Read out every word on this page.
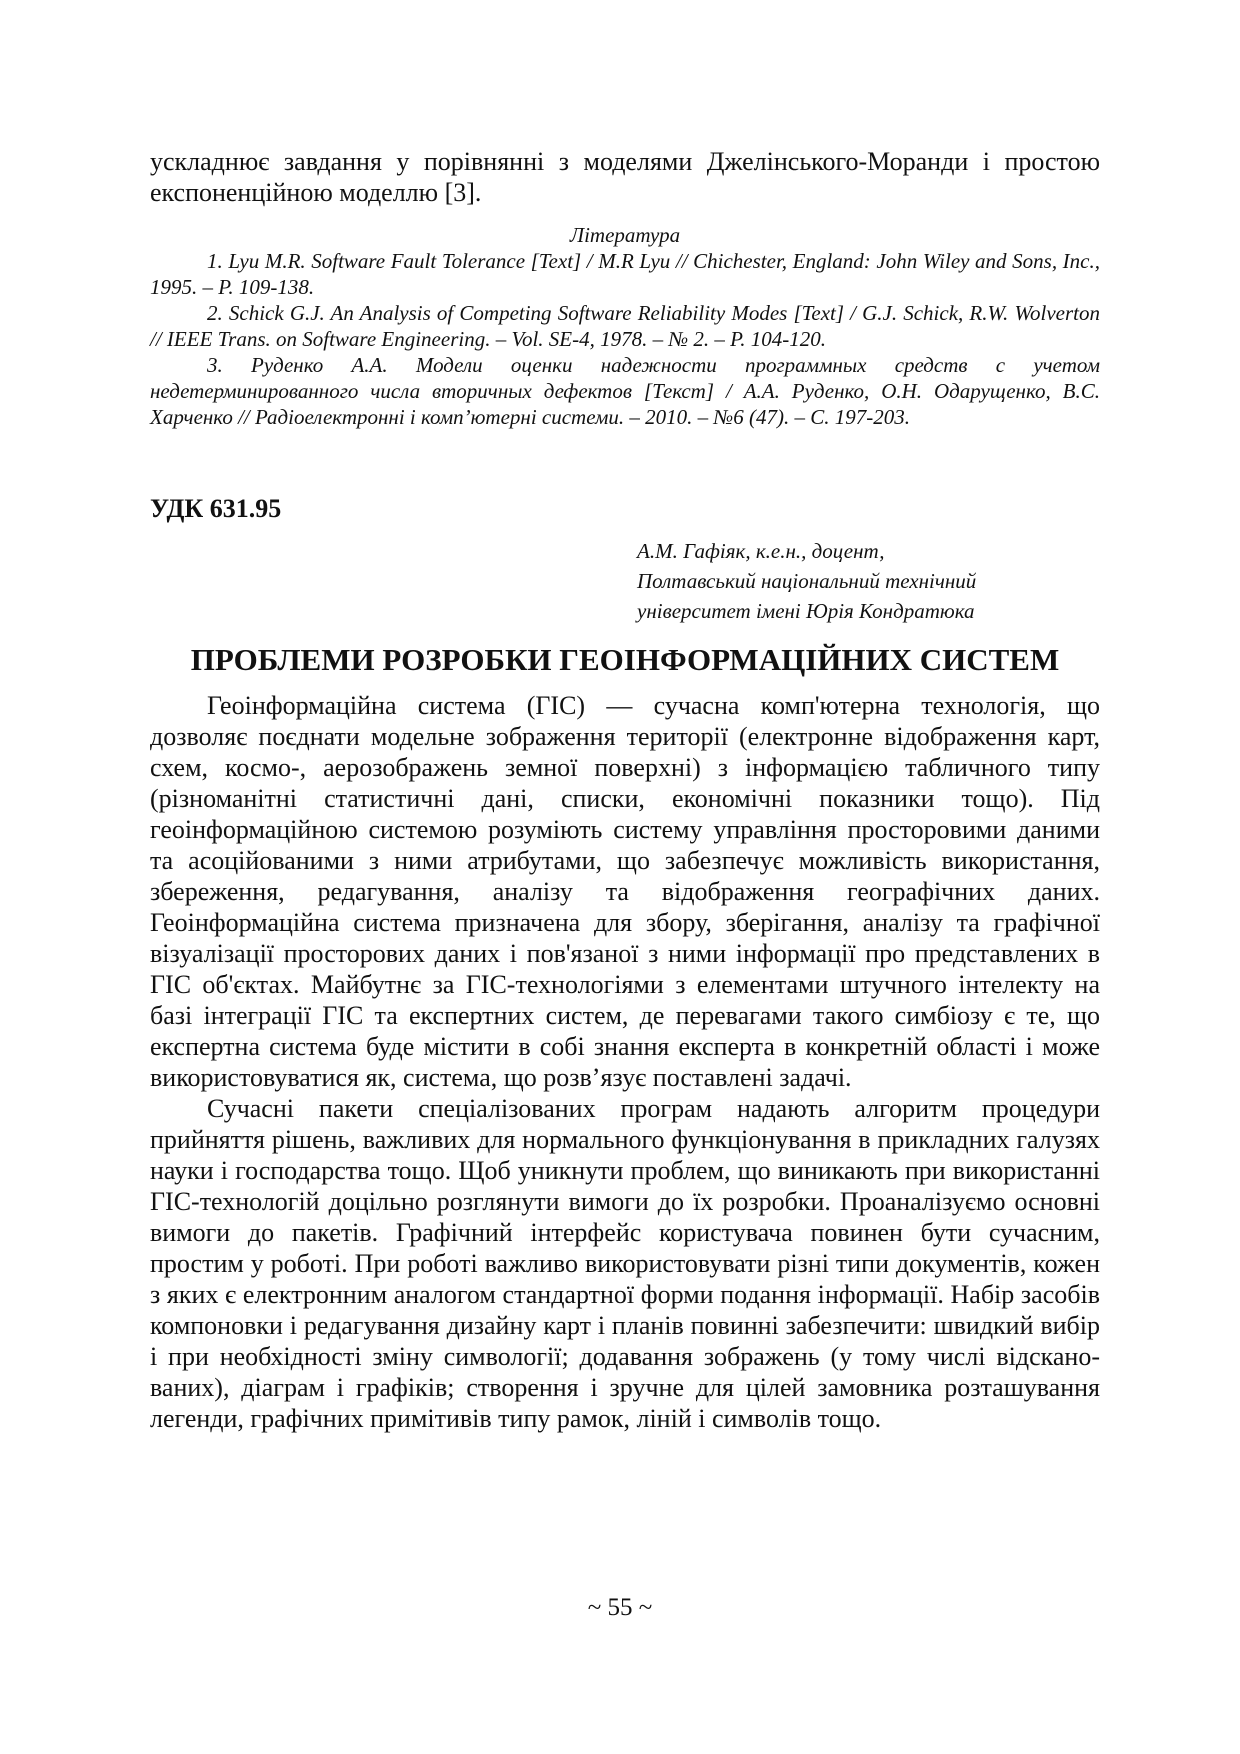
ускладнює завдання у порівнянні з моделями Джелінського-Моранди і простою експоненційною моделлю [3].

Література

1. Lyu M.R. Software Fault Tolerance [Text] / M.R Lyu // Chichester, England: John Wiley and Sons, Inc., 1995. – P. 109-138.

2. Schick G.J. An Analysis of Competing Software Reliability Modes [Text] / G.J. Schick, R.W. Wolverton // IEEE Trans. on Software Engineering. – Vol. SE-4, 1978. – № 2. – P. 104-120.

3. Руденко А.А. Модели оценки надежности программных средств с учетом недетерминированного числа вторичных дефектов [Текст] / А.А. Руденко, О.Н. Одарущенко, В.С. Харченко // Радіоелектронні і комп’ютерні системи. – 2010. – №6 (47). – С. 197-203.

УДК 631.95

А.М. Гафіяк, к.е.н., доцент,
Полтавський національний технічний
університет імені Юрія Кондратюка
ПРОБЛЕМИ РОЗРОБКИ ГЕОІНФОРМАЦІЙНИХ СИСТЕМ

Геоінформаційна система (ГІС) — сучасна комп'ютерна технологія, що дозволяє поєднати модельне зображення території (електронне відображення карт, схем, космо-, аерозображень земної поверхні) з інформацією табличного типу (різноманітні статистичні дані, списки, економічні показники тощо). Під геоінформаційною системою розуміють систему управління просторовими даними та асоційованими з ними атрибутами, що забезпечує можливість використання, збереження, редагування, аналізу та відображення географічних даних. Геоінформаційна система призначена для збору, зберігання, аналізу та графічної візуалізації просторових даних і пов'язаної з ними інформації про представлених в ГІС об'єктах. Майбутнє за ГІС-технологіями з елементами штучного інтелекту на базі інтеграції ГІС та експертних систем, де перевагами такого симбіозу є те, що експертна система буде містити в собі знання експерта в конкретній області і може використовуватися як, система, що розв’язує поставлені задачі.

Сучасні пакети спеціалізованих програм надають алгоритм процедури прийняття рішень, важливих для нормального функціонування в прикладних галузях науки і господарства тощо. Щоб уникнути проблем, що виникають при використанні ГІС-технологій доцільно розглянути вимоги до їх розробки. Проаналізуємо основні вимоги до пакетів. Графічний інтерфейс користувача повинен бути сучасним, простим у роботі. При роботі важливо використовувати різні типи документів, кожен з яких є електронним аналогом стандартної форми подання інформації. Набір засобів компоновки і редагування дизайну карт і планів повинні забезпечити: швидкий вибір і при необхідності зміну симвології; додавання зображень (у тому числі відсканованих), діаграм і графіків; створення і зручне для цілей замовника розташування легенди, графічних примітивів типу рамок, ліній і символів тощо.

~ 55 ~
